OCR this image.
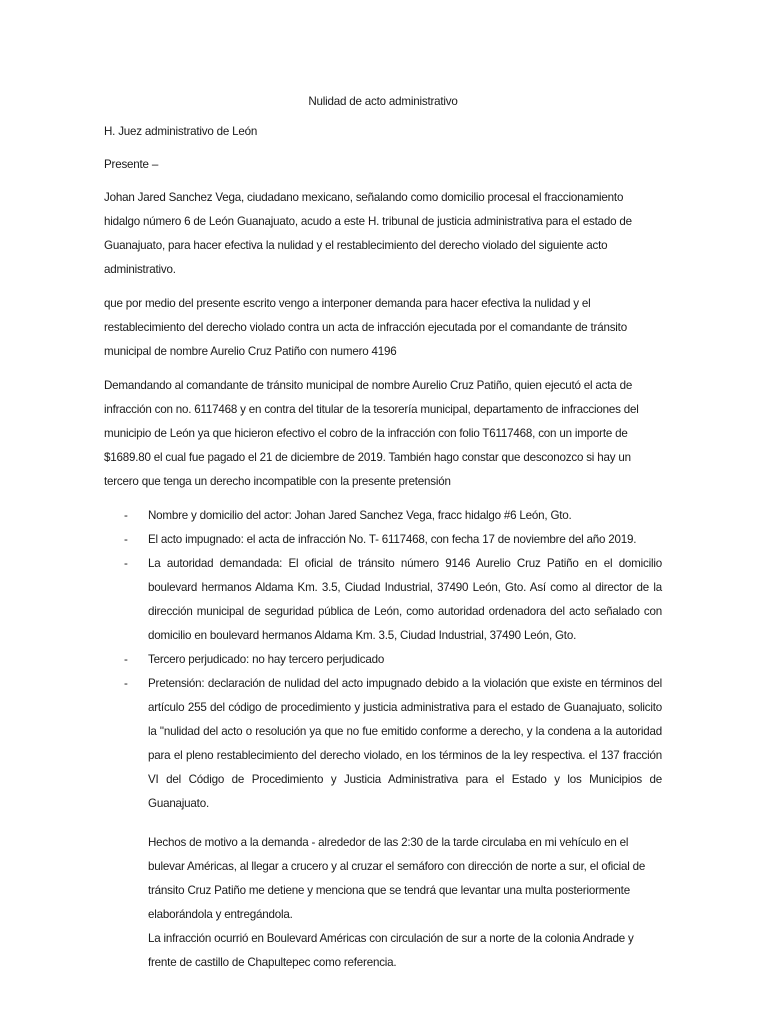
Nulidad de acto administrativo

H. Juez administrativo de León

Presente –

Johan Jared Sanchez Vega, ciudadano mexicano, señalando como domicilio procesal el fraccionamiento hidalgo número 6 de León Guanajuato, acudo a este H. tribunal de justicia administrativa para el estado de Guanajuato, para hacer efectiva la nulidad y el restablecimiento del derecho violado del siguiente acto administrativo.

que por medio del presente escrito vengo a interponer demanda para hacer efectiva la nulidad y el restablecimiento del derecho violado contra un acta de infracción ejecutada por el comandante de tránsito municipal de nombre Aurelio Cruz Patiño con numero 4196

Demandando al comandante de tránsito municipal de nombre Aurelio Cruz Patiño, quien ejecutó el acta de infracción con no. 6117468 y en contra del titular de la tesorería municipal, departamento de infracciones del municipio de León ya que hicieron efectivo el cobro de la infracción con folio T6117468, con un importe de $1689.80 el cual fue pagado el 21 de diciembre de 2019. También hago constar que desconozco si hay un tercero que tenga un derecho incompatible con la presente pretensión

- Nombre y domicilio del actor: Johan Jared Sanchez Vega, fracc hidalgo #6 León, Gto.
- El acto impugnado: el acta de infracción No. T- 6117468, con fecha 17 de noviembre del año 2019.
- La autoridad demandada: El oficial de tránsito número 9146 Aurelio Cruz Patiño en el domicilio boulevard hermanos Aldama Km. 3.5, Ciudad Industrial, 37490 León, Gto. Así como al director de la dirección municipal de seguridad pública de León, como autoridad ordenadora del acto señalado con domicilio en boulevard hermanos Aldama Km. 3.5, Ciudad Industrial, 37490 León, Gto.
- Tercero perjudicado: no hay tercero perjudicado
- Pretensión: declaración de nulidad del acto impugnado debido a la violación que existe en términos del artículo 255 del código de procedimiento y justicia administrativa para el estado de Guanajuato, solicito la "nulidad del acto o resolución ya que no fue emitido conforme a derecho, y la condena a la autoridad para el pleno restablecimiento del derecho violado, en los términos de la ley respectiva. el 137 fracción VI del Código de Procedimiento y Justicia Administrativa para el Estado y los Municipios de Guanajuato.

Hechos de motivo a la demanda - alrededor de las 2:30 de la tarde circulaba en mi vehículo en el bulevar Américas, al llegar a crucero y al cruzar el semáforo con dirección de norte a sur, el oficial de tránsito Cruz Patiño me detiene y menciona que se tendrá que levantar una multa posteriormente elaborándola y entregándola.

La infracción ocurrió en Boulevard Américas con circulación de sur a norte de la colonia Andrade y frente de castillo de Chapultepec como referencia.
